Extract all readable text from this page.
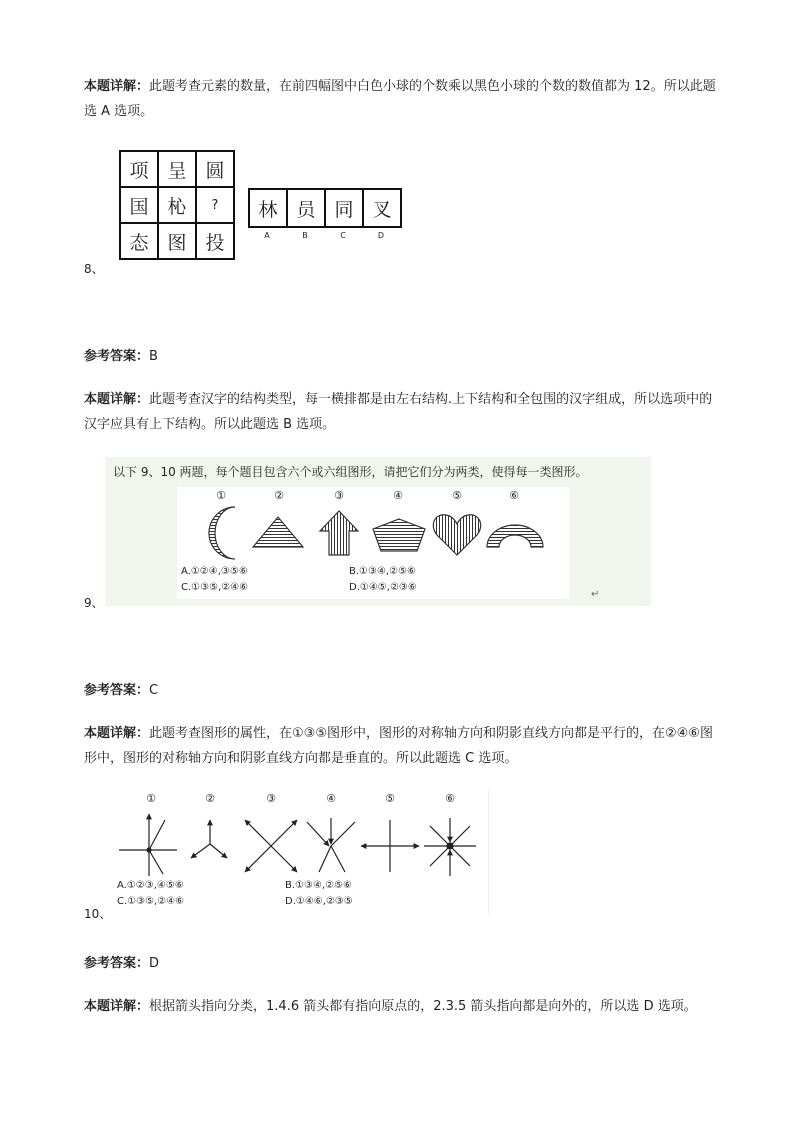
本题详解：此题考查元素的数量，在前四幅图中白色小球的个数乘以黑色小球的个数的数值都为 12。所以此题选 A 选项。

项	呈	圆
国	杺	?
态	图	投
林	员	同	叉
A	B	C	D
8、

参考答案：B

本题详解：此题考查汉字的结构类型，每一横排都是由左右结构.上下结构和全包围的汉字组成，所以选项中的汉字应具有上下结构。所以此题选 B 选项。

以下 9、10 两题，每个题目包含六个或六组图形，请把它们分为两类，使得每一类图形。
①	②	③	④	⑤	⑥
A.①②④,③⑤⑥	B.①③④,②⑤⑥
C.①③⑤,②④⑥	D.①④⑤,②③⑥
↵
9、

参考答案：C

本题详解：此题考查图形的属性，在①③⑤图形中，图形的对称轴方向和阴影直线方向都是平行的，在②④⑥图形中，图形的对称轴方向和阴影直线方向都是垂直的。所以此题选 C 选项。

①	②	③	④	⑤	⑥
A.①②③,④⑤⑥	B.①③④,②⑤⑥
C.①③⑤,②④⑥	D.①④⑥,②③⑤
10、

参考答案：D

本题详解：根据箭头指向分类，1.4.6 箭头都有指向原点的，2.3.5 箭头指向都是向外的，所以选 D 选项。
